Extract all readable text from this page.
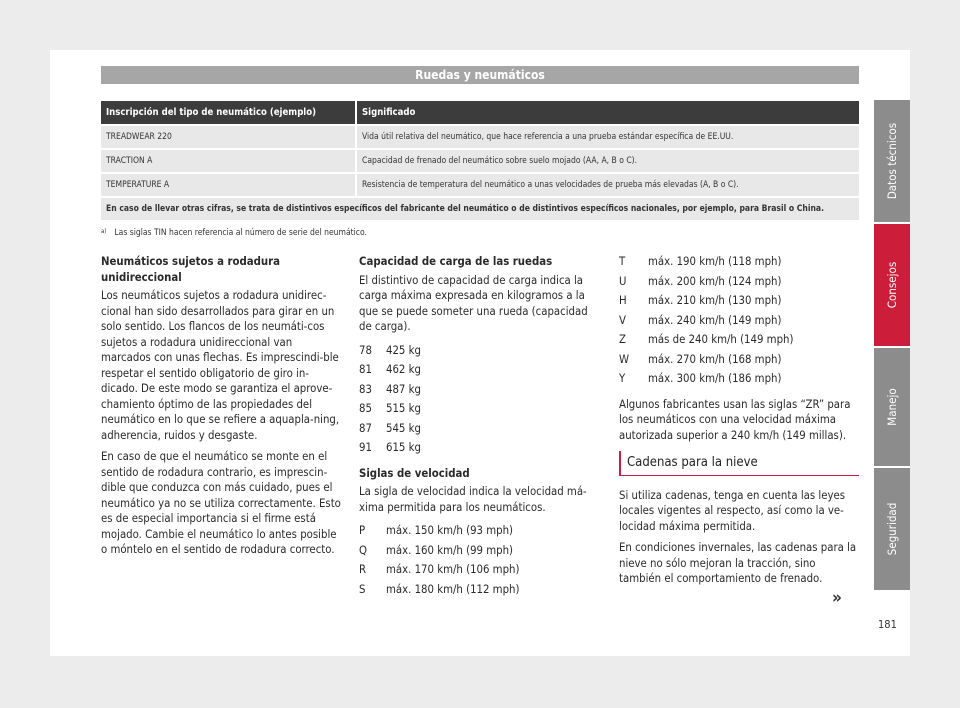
Ruedas y neumáticos
Inscripción del tipo de neumático (ejemplo)	Significado
TREADWEAR 220	Vida útil relativa del neumático, que hace referencia a una prueba estándar específica de EE.UU.
TRACTION A	Capacidad de frenado del neumático sobre suelo mojado (AA, A, B o C).
TEMPERATURE A	Resistencia de temperatura del neumático a unas velocidades de prueba más elevadas (A, B o C).
En caso de llevar otras cifras, se trata de distintivos específicos del fabricante del neumático o de distintivos específicos nacionales, por ejemplo, para Brasil o China.	
$^{a)}$ Las siglas TIN hacen referencia al número de serie del neumático.
Neumáticos sujetos a rodadura unidireccional

Los neumáticos sujetos a rodadura unidirec-cional han sido desarrollados para girar en un solo sentido. Los flancos de los neumáti-cos sujetos a rodadura unidireccional van marcados con unas flechas. Es imprescindi-ble respetar el sentido obligatorio de giro in-dicado. De este modo se garantiza el aprove-chamiento óptimo de las propiedades del neumático en lo que se refiere a aquapla-ning, adherencia, ruidos y desgaste.

En caso de que el neumático se monte en el sentido de rodadura contrario, es imprescin-dible que conduzca con más cuidado, pues el neumático ya no se utiliza correctamente. Esto es de especial importancia si el firme está mojado. Cambie el neumático lo antes posible o móntelo en el sentido de rodadura correcto.

Capacidad de carga de las ruedas

El distintivo de capacidad de carga indica la carga máxima expresada en kilogramos a la que se puede someter una rueda (capacidad de carga).

78	425 kg
81	462 kg
83	487 kg
85	515 kg
87	545 kg
91	615 kg
Siglas de velocidad

La sigla de velocidad indica la velocidad má-xima permitida para los neumáticos.

P	máx. 150 km/h (93 mph)
Q	máx. 160 km/h (99 mph)
R	máx. 170 km/h (106 mph)
S	máx. 180 km/h (112 mph)
T	máx. 190 km/h (118 mph)
U	máx. 200 km/h (124 mph)
H	máx. 210 km/h (130 mph)
V	máx. 240 km/h (149 mph)
Z	más de 240 km/h (149 mph)
W	máx. 270 km/h (168 mph)
Y	máx. 300 km/h (186 mph)

Algunos fabricantes usan las siglas “ZR” para los neumáticos con una velocidad máxima autorizada superior a 240 km/h (149 millas).

Cadenas para la nieve

Si utiliza cadenas, tenga en cuenta las leyes locales vigentes al respecto, así como la ve-locidad máxima permitida.

En condiciones invernales, las cadenas para la nieve no sólo mejoran la tracción, sino también el comportamiento de frenado.

»
181
Datos técnicos
Consejos
Manejo
Seguridad
